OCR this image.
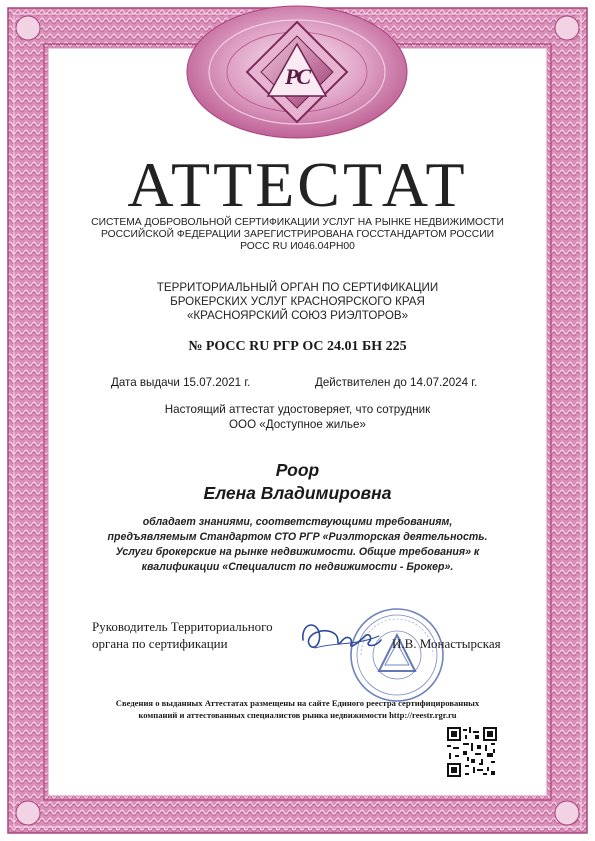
РС
АТТЕСТАТ
СИСТЕМА ДОБРОВОЛЬНОЙ СЕРТИФИКАЦИИ УСЛУГ НА РЫНКЕ НЕДВИЖИМОСТИ
РОССИЙСКОЙ ФЕДЕРАЦИИ ЗАРЕГИСТРИРОВАНА ГОССТАНДАРТОМ РОССИИ
РОСС RU И046.04РН00
ТЕРРИТОРИАЛЬНЫЙ ОРГАН ПО СЕРТИФИКАЦИИ
БРОКЕРСКИХ УСЛУГ КРАСНОЯРСКОГО КРАЯ
«КРАСНОЯРСКИЙ СОЮЗ РИЭЛТОРОВ»
№ РОСС RU РГР ОС 24.01 БН 225
Дата выдачи 15.07.2021 г.	Действителен до 14.07.2024 г.
Настоящий аттестат удостоверяет, что сотрудник
ООО «Доступное жилье»
Роор
Елена Владимировна
обладает знаниями, соответствующими требованиям,
предъявляемым Стандартом СТО РГР «Риэлторская деятельность.
Услуги брокерские на рынке недвижимости. Общие требования» к
квалификации «Специалист по недвижимости - Брокер».
Руководитель Территориального
органа по сертификации	И.В. Монастырская
Сведения о выданных Аттестатах размещены на сайте Единого реестра сертифицированных
компаний и аттестованных специалистов рынка недвижимости http://reestr.rgr.ru
